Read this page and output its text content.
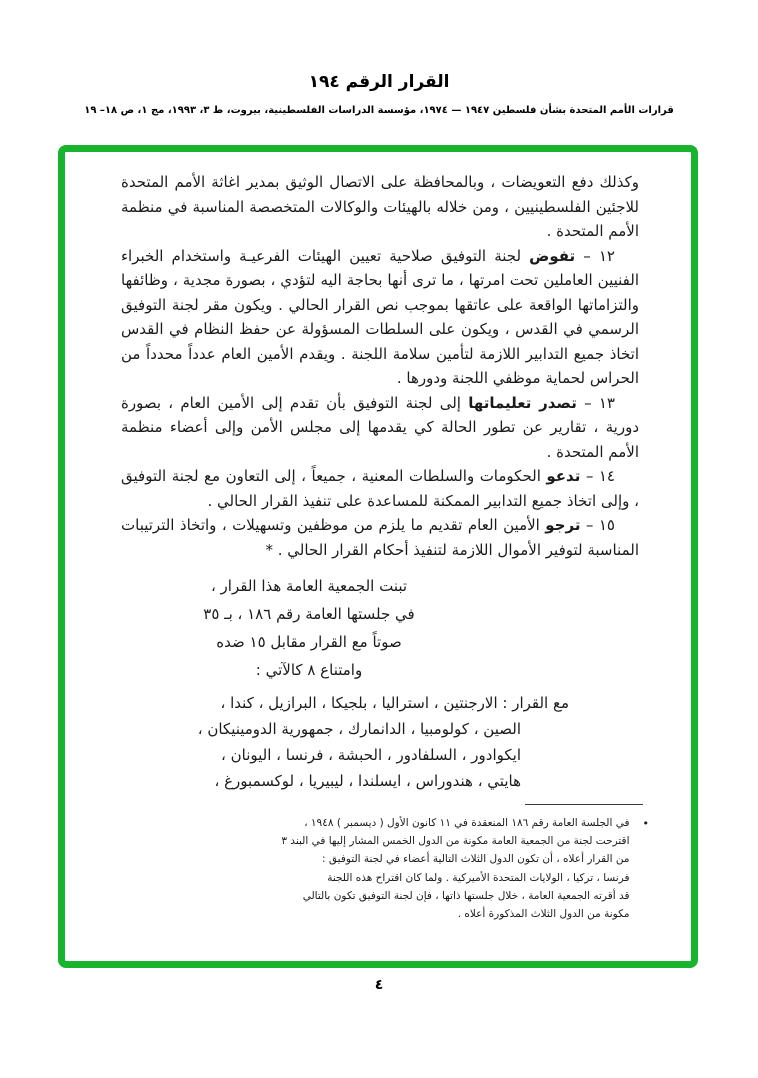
القرار الرقم ١٩٤
قرارات الأمم المتحدة بشأن فلسطين ١٩٤٧ — ١٩٧٤، مؤسسة الدراسات الفلسطينية، بيروت، ط ٣، ١٩٩٣، مج ١، ص ١٨– ١٩

وكذلك دفع التعويضات ، وبالمحافظة على الاتصال الوثيق بمدير اغاثة الأمم المتحدة للاجئين الفلسطينيين ، ومن خلاله بالهيئات والوكالات المتخصصة المناسبة في منظمة الأمم المتحدة .

١٢ – تفوض لجنة التوفيق صلاحية تعيين الهيئات الفرعيـة واستخدام الخبراء الفنيين العاملين تحت امرتها ، ما ترى أنها بحاجة اليه لتؤدي ، بصورة مجدية ، وظائفها والتزاماتها الواقعة على عاتقها بموجب نص القرار الحالي . ويكون مقر لجنة التوفيق الرسمي في القدس ، ويكون على السلطات المسؤولة عن حفظ النظام في القدس اتخاذ جميع التدابير اللازمة لتأمين سلامة اللجنة . ويقدم الأمين العام عدداً محدداً من الحراس لحماية موظفي اللجنة ودورها .

١٣ – تصدر تعليماتها إلى لجنة التوفيق بأن تقدم إلى الأمين العام ، بصورة دورية ، تقارير عن تطور الحالة كي يقدمها إلى مجلس الأمن وإلى أعضاء منظمة الأمم المتحدة .

١٤ – تدعو الحكومات والسلطات المعنية ، جميعاً ، إلى التعاون مع لجنة التوفيق ، وإلى اتخاذ جميع التدابير الممكنة للمساعدة على تنفيذ القرار الحالي .

١٥ – ترجو الأمين العام تقديم ما يلزم من موظفين وتسهيلات ، واتخاذ الترتيبات المناسبة لتوفير الأموال اللازمة لتنفيذ أحكام القرار الحالي . *

تبنت الجمعية العامة هذا القرار ،
في جلستها العامة رقم ١٨٦ ، بـ ٣٥
صوتاً مع القرار مقابل ١٥ ضده
وامتناع ٨ كالآتي :
مع القرار : الارجنتين ، استراليا ، بلجيكا ، البرازيل ، كندا ،
الصين ، كولومبيا ، الدانمارك ، جمهورية الدومينيكان ،
ايكوادور ، السلفادور ، الحبشة ، فرنسا ، اليونان ،
هايتي ، هندوراس ، ايسلندا ، ليبيريا ، لوكسمبورغ ،
•
في الجلسة العامة رقم ١٨٦ المنعقدة في ١١ كانون الأول ( ديسمبر ) ١٩٤٨ ،
اقترحت لجنة من الجمعية العامة مكونة من الدول الخمس المشار إليها في البند ٣
من القرار أعلاه ، أن تكون الدول الثلاث التالية أعضاء في لجنة التوفيق :
فرنسا ، تركيا ، الولايات المتحدة الأميركية . ولما كان اقتراح هذه اللجنة
قد أقرته الجمعية العامة ، خلال جلستها ذاتها ، فإن لجنة التوفيق تكون بالتالي
مكونة من الدول الثلاث المذكورة أعلاه .
٤
